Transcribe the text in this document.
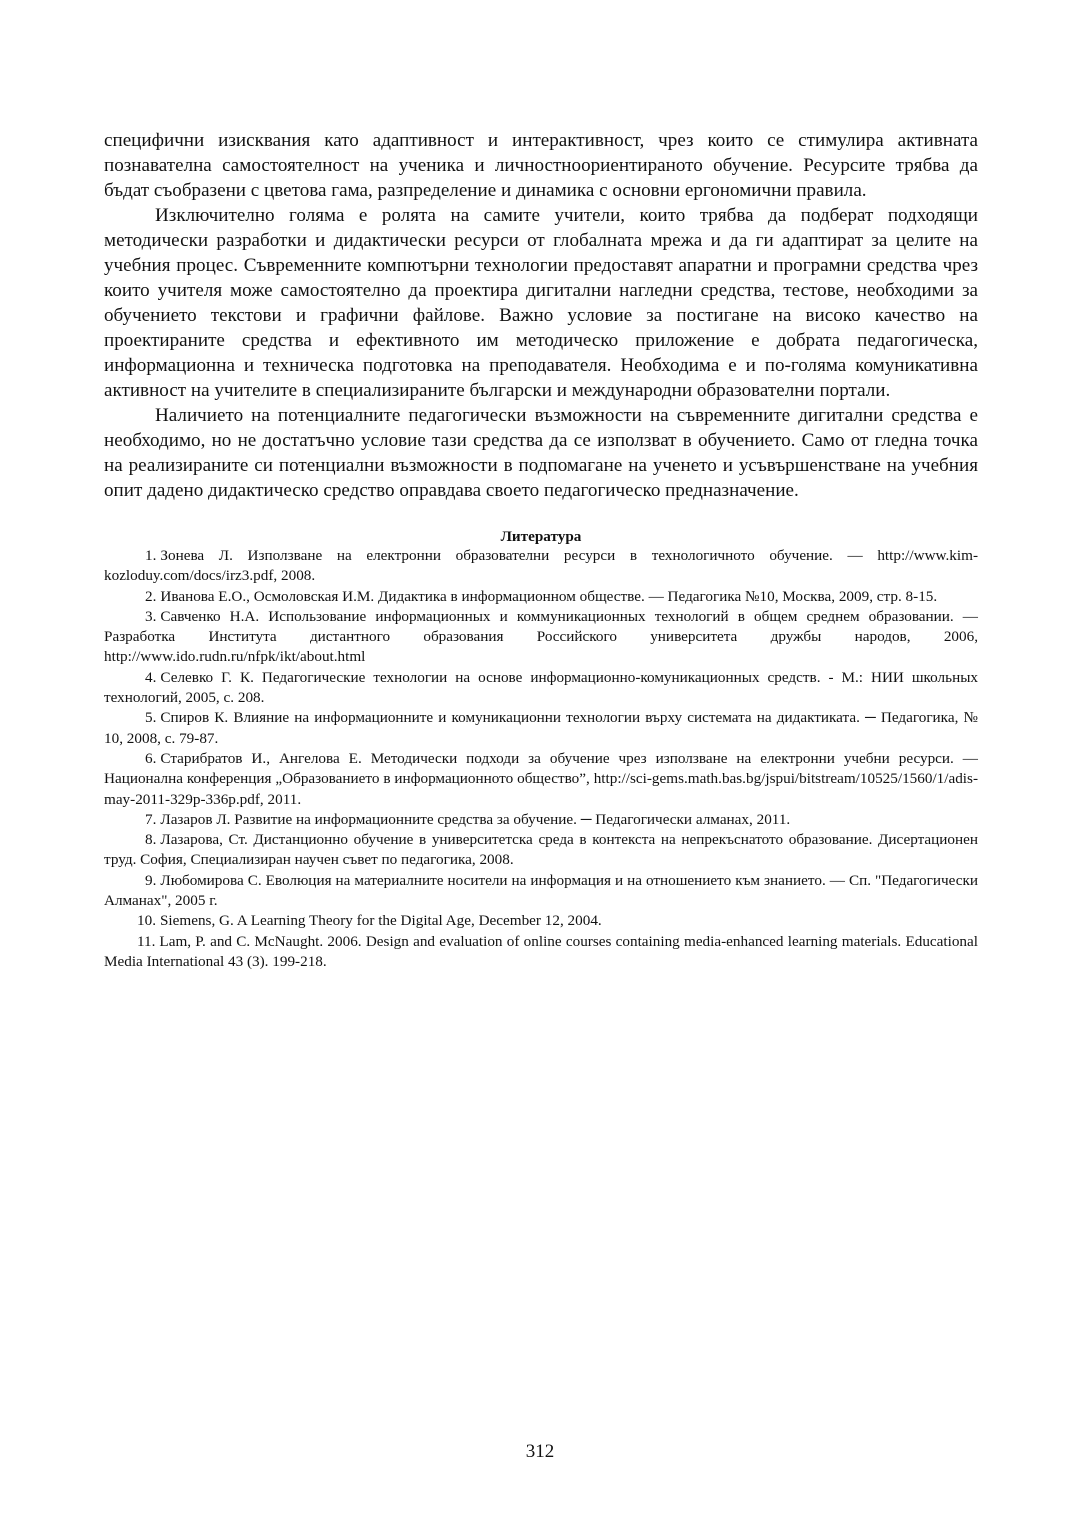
специфични изисквания като адаптивност и интерактивност, чрез които се стимулира активната познавателна самостоятелност на ученика и личностноориентираното обучение. Ресурсите трябва да бъдат съобразени с цветова гама, разпределение и динамика с основни ергономични правила.

Изключително голяма е ролята на самите учители, които трябва да подберат подходящи методически разработки и дидактически ресурси от глобалната мрежа и да ги адаптират за целите на учебния процес. Съвременните компютърни технологии предоставят апаратни и програмни средства чрез които учителя може самостоятелно да проектира дигитални нагледни средства, тестове, необходими за обучението текстови и графични файлове. Важно условие за постигане на високо качество на проектираните средства и ефективното им методическо приложение е добрата педагогическа, информационна и техническа подготовка на преподавателя. Необходима е и по-голяма комуникативна активност на учителите в специализираните български и международни образователни портали.

Наличието на потенциалните педагогически възможности на съвременните дигитални средства е необходимо, но не достатъчно условие тази средства да се използват в обучението. Само от гледна точка на реализираните си потенциални възможности в подпомагане на ученето и усъвършенстване на учебния опит дадено дидактическо средство оправдава своето педагогическо предназначение.

Литература
1. Зонева Л. Използване на електронни образователни ресурси в технологичното обучение. — http://www.kim-kozloduy.com/docs/irz3.pdf, 2008.
2. Иванова Е.О., Осмоловская И.М. Дидактика в информационном обществе. — Педагогика №10, Москва, 2009, стр. 8-15.
3. Савченко Н.А. Использование информационных и коммуникационных технологий в общем среднем образовании. — Разработка Института дистантного образования Российского университета дружбы народов, 2006, http://www.ido.rudn.ru/nfpk/ikt/about.html
4. Селевко Г. К. Педагогические технологии на основе информационно-комуникационных средств. - М.: НИИ школьных технологий, 2005, с. 208.
5. Спиров К. Влияние на информационните и комуникационни технологии върху системата на дидактиката. ─ Педагогика, № 10, 2008, с. 79-87.
6. Старибратов И., Ангелова Е. Методически подходи за обучение чрез използване на електронни учебни ресурси. — Национална конференция „Образованието в информационното общество”, http://sci-gems.math.bas.bg/jspui/bitstream/10525/1560/1/adis-may-2011-329p-336p.pdf, 2011.
7. Лазаров Л. Развитие на информационните средства за обучение. ─ Педагогически алманах, 2011.
8. Лазарова, Ст. Дистанционно обучение в университетска среда в контекста на непрекъснатото образование. Дисертационен труд. София, Специализиран научен съвет по педагогика, 2008.
9. Любомирова С. Еволюция на материалните носители на информация и на отношението към знанието. — Сп. "Педагогически Алманах", 2005 г.
10. Siemens, G. A Learning Theory for the Digital Age, December 12, 2004.
11. Lam, P. and C. McNaught. 2006. Design and evaluation of online courses containing media-enhanced learning materials. Educational Media International 43 (3). 199-218.
312
